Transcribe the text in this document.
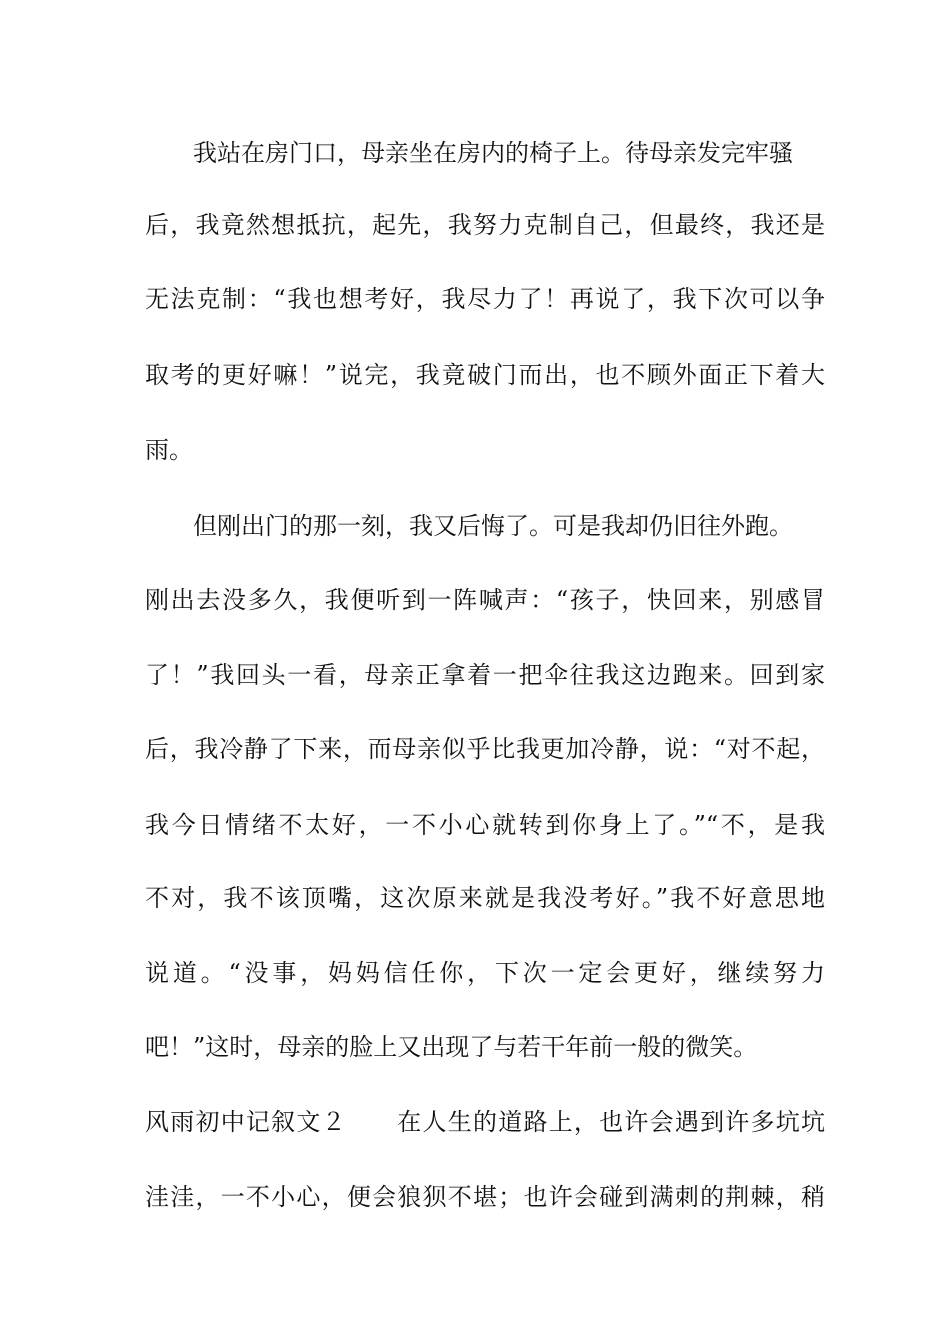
我站在房门口，母亲坐在房内的椅子上。待母亲发完牢骚
后，我竟然想抵抗，起先，我努力克制自己，但最终，我还是
无法克制：“我也想考好，我尽力了！再说了，我下次可以争
取考的更好嘛！”说完，我竟破门而出，也不顾外面正下着大
雨。
但刚出门的那一刻，我又后悔了。可是我却仍旧往外跑。
刚出去没多久，我便听到一阵喊声：“孩子，快回来，别感冒
了！”我回头一看，母亲正拿着一把伞往我这边跑来。回到家
后，我冷静了下来，而母亲似乎比我更加冷静，说：“对不起，
我今日情绪不太好，一不小心就转到你身上了。”“不，是我
不对，我不该顶嘴，这次原来就是我没考好。”我不好意思地
说道。“没事，妈妈信任你，下次一定会更好，继续努力
吧！”这时，母亲的脸上又出现了与若干年前一般的微笑。
风雨初中记叙文２　　在人生的道路上，也许会遇到许多坑坑
洼洼，一不小心，便会狼狈不堪；也许会碰到满刺的荆棘，稍
